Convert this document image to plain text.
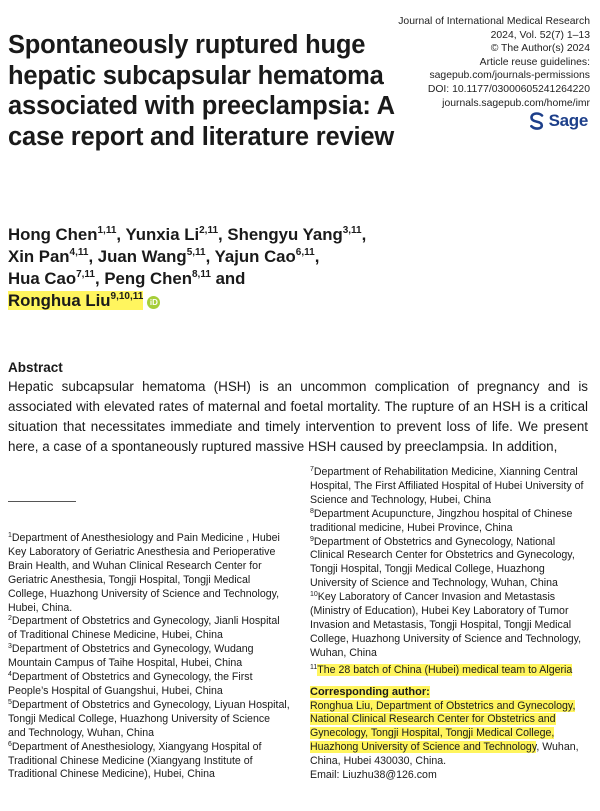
Spontaneously ruptured huge hepatic subcapsular hematoma associated with preeclampsia: A case report and literature review
Journal of International Medical Research
2024, Vol. 52(7) 1–13
© The Author(s) 2024
Article reuse guidelines:
sagepub.com/journals-permissions
DOI: 10.1177/03000605241264220
journals.sagepub.com/home/imr
Sage
Hong Chen$^{1,11}$, Yunxia Li$^{2,11}$, Shengyu Yang$^{3,11}$,
Xin Pan$^{4,11}$, Juan Wang$^{5,11}$, Yajun Cao$^{6,11}$,
Hua Cao$^{7,11}$, Peng Chen$^{8,11}$ and
Ronghua Liu$^{9,10,11}$iD
Abstract
Hepatic subcapsular hematoma (HSH) is an uncommon complication of pregnancy and is associated with elevated rates of maternal and foetal mortality. The rupture of an HSH is a critical situation that necessitates immediate and timely intervention to prevent loss of life. We present here, a case of a spontaneously ruptured massive HSH caused by preeclampsia. In addition,

$^7$Department of Rehabilitation Medicine, Xianning Central Hospital, The First Affiliated Hospital of Hubei University of Science and Technology, Hubei, China

$^8$Department Acupuncture, Jingzhou hospital of Chinese traditional medicine, Hubei Province, China

$^9$Department of Obstetrics and Gynecology, National Clinical Research Center for Obstetrics and Gynecology, Tongji Hospital, Tongji Medical College, Huazhong University of Science and Technology, Wuhan, China

$^{10}$Key Laboratory of Cancer Invasion and Metastasis (Ministry of Education), Hubei Key Laboratory of Tumor Invasion and Metastasis, Tongji Hospital, Tongji Medical College, Huazhong University of Science and Technology, Wuhan, China

$^{11}$The 28 batch of China (Hubei) medical team to Algeria

Corresponding author:
Ronghua Liu, Department of Obstetrics and Gynecology, National Clinical Research Center for Obstetrics and Gynecology, Tongji Hospital, Tongji Medical College, Huazhong University of Science and Technology, Wuhan, China, Hubei 430030, China.
Email: Liuzhu38@126.com

$^1$Department of Anesthesiology and Pain Medicine , Hubei Key Laboratory of Geriatric Anesthesia and Perioperative Brain Health, and Wuhan Clinical Research Center for Geriatric Anesthesia, Tongji Hospital, Tongji Medical College, Huazhong University of Science and Technology, Hubei, China.

$^2$Department of Obstetrics and Gynecology, Jianli Hospital of Traditional Chinese Medicine, Hubei, China

$^3$Department of Obstetrics and Gynecology, Wudang Mountain Campus of Taihe Hospital, Hubei, China

$^4$Department of Obstetrics and Gynecology, the First People’s Hospital of Guangshui, Hubei, China

$^5$Department of Obstetrics and Gynecology, Liyuan Hospital, Tongji Medical College, Huazhong University of Science and Technology, Wuhan, China

$^6$Department of Anesthesiology, Xiangyang Hospital of Traditional Chinese Medicine (Xiangyang Institute of Traditional Chinese Medicine), Hubei, China
